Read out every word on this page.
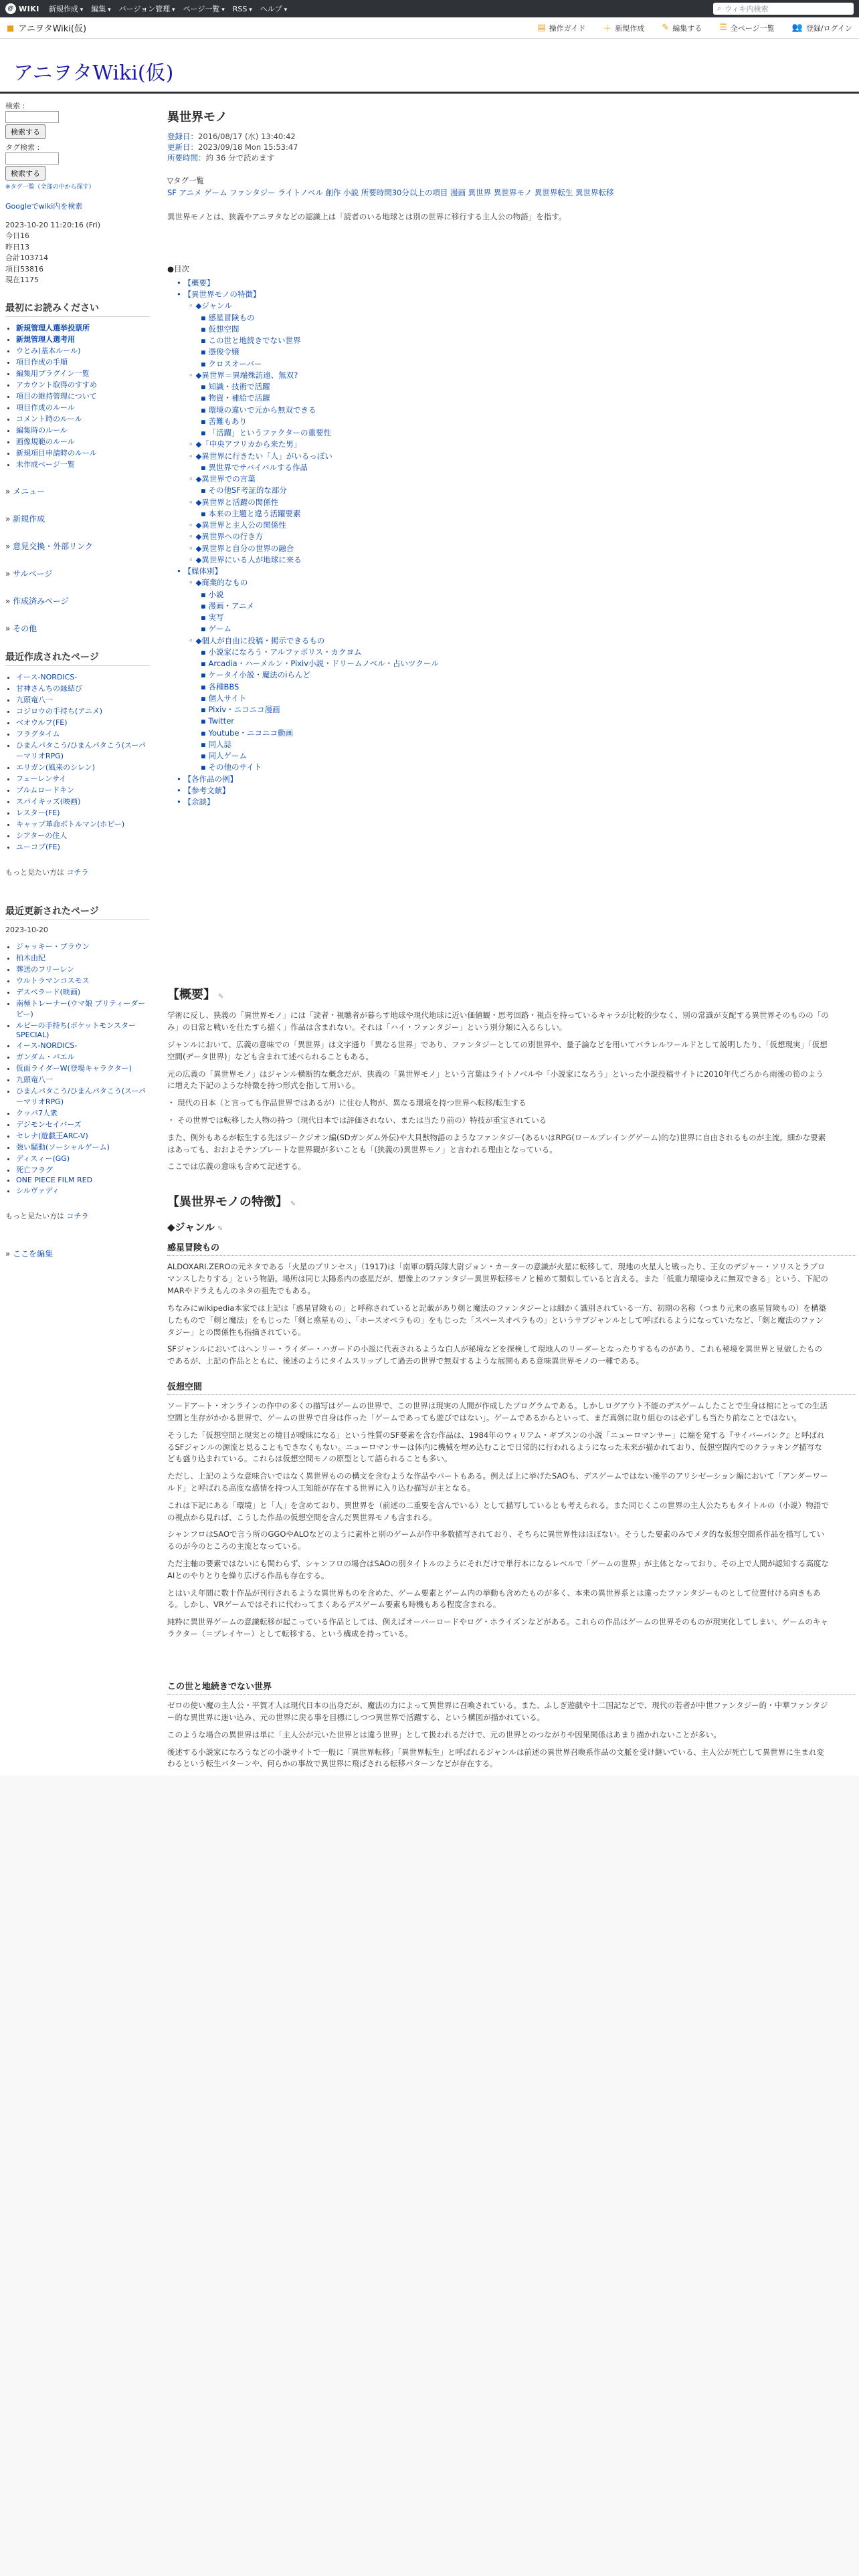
@ WIKI 新規作成 ▾	編集 ▾	バージョン管理 ▾	ページ一覧 ▾	RSS ▾	ヘルプ ▾	⌕ ウィキ内検索
■ アニヲタWiki(仮)	▤ 操作ガイド ＋ 新規作成 ✎ 編集する ☰ 全ページ一覧 👥 登録/ログイン
アニヲタWiki(仮)
検索 :

検索する
タグ検索 :

検索する
※タグ一覧（全部の中から探す）
Googleでwiki内を検索
2023-10-20 11:20:16 (Fri)
今日16
昨日13
合計103714
項目53816
現在1175
最初にお読みください
• 新規管理人選挙投票所
• 新規管理人選考用
• ウとみ(基本ルール)
• 項目作成の手順
• 編集用プラグイン一覧
• アカウント取得のすすめ
• 項目の維持管理について
• 項目作成のルール
• コメント時のルール
• 編集時のルール
• 画像規範のルール
• 新規項目申請時のルール
• 未作成ページ一覧
» メニュー
» 新規作成
» 意見交換・外部リンク
» サルベージ
» 作成済みページ
» その他
最近作成されたページ
• イース-NORDICS-
• 甘神さんちの縁結び
• 九頭竜八一
• コジロウの手持ち(アニメ)
• ベオウルフ(FE)
• フラグタイム
• ひまんパタこう/ひまんパタこう(スーパーマリオRPG)
• エリガン(風来のシレン)
• フェーレンサイ
• ブルムロードキン
• スパイキッズ(映画)
• レスター(FE)
• キャップ革命ボトルマン(ホビー)
• シアターの住人
• ユーコブ(FE)
もっと見たい方は コチラ
最近更新されたページ
2023-10-20
• ジャッキー・ブラウン
• 柏木由紀
• 葬送のフリーレン
• ウルトラマンコスモス
• デスペラード(映画)
• 南極トレーナー(ウマ娘 プリティーダービー)
• ルビーの手持ち(ポケットモンスターSPECIAL)
• イース-NORDICS-
• ガンダム・バエル
• 仮面ライダーW(登場キャラクター)
• 九頭竜八一
• ひまんパタこう/ひまんパタこう(スーパーマリオRPG)
• クッパ7人衆
• デジモンセイバーズ
• セレナ(遊戯王ARC-V)
• 強い騒動(ソーシャルゲーム)
• ディスィー(GG)
• 死亡フラグ
• ONE PIECE FILM RED
• シルヴァディ
もっと見たい方は コチラ
» ここを編集
異世界モノ
登録日：2016/08/17 (水) 13:40:42
更新日：2023/09/18 Mon 15:53:47
所要時間：約 36 分で読めます
▽タグ一覧
SF アニメ ゲーム ファンタジー ライトノベル 創作 小説 所要時間30分以上の項目 漫画 異世界 異世界モノ 異世界転生 異世界転移
異世界モノとは、狭義やアニヲタなどの認識上は「読者のいる地球とは別の世界に移行する主人公の物語」を指す。
●目次
• 【概要】
• 【異世界モノの特徴】
◦ ◆ジャンル
▪ 感星冒険もの
▪ 仮想空間
▪ この世と地続きでない世界
▪ 憑俊令嬢
▪ クロスオーバー
◦ ◆異世界＝異端殊訪遠、無双?
▪ 知識・技術で活躍
▪ 物資・補給で活躍
▪ 環境の違いで元から無双できる
▪ 苦難もあり
▪ 「活躍」というファクターの重要性
◦ ◆「中央アフリカから来た男」
◦ ◆異世界に行きたい「人」がいるっぽい
▪ 異世界でサバイバルする作品
◦ ◆異世界での言葉
▪ その他SF考証的な部分
◦ ◆異世界と活躍の関係性
▪ 本来の主題と違う活躍要素
◦ ◆異世界と主人公の関係性
◦ ◆異世界への行き方
◦ ◆異世界と自分の世界の融合
◦ ◆異世界にいる人が地球に来る
• 【媒体別】
◦ ◆商業的なもの
▪ 小説
▪ 漫画・アニメ
▪ 実写
▪ ゲーム
◦ ◆個人が自由に投稿・掲示できるもの
▪ 小説家になろう・アルファポリス・カクヨム
▪ Arcadia・ハーメルン・Pixiv小説・ドリームノベル・占いツクール
▪ ケータイ小説・魔法のiらんど
▪ 各種BBS
▪ 個人サイト
▪ Pixiv・ニコニコ漫画
▪ Twitter
▪ Youtube・ニコニコ動画
▪ 同人誌
▪ 同人ゲーム
▪ その他のサイト
• 【各作品の例】
• 【参考文献】
• 【余談】
【概要】 ✎
学術に反し、狭義の「異世界モノ」には「読者・視聴者が暮らす地球や現代地球に近い価値観・思考回路・視点を持っているキャラが比較的少なく、別の常識が支配する異世界そのものの「のみ」の日常と戦いを仕たすら描く」作品は含まれない。それは「ハイ・ファンタジー」という別分類に入るらしい。
ジャンルにおいて、広義の意味での「異世界」は文字通り「異なる世界」であり、ファンタジーとしての別世界や、量子論などを用いてパラレルワールドとして説明したり、「仮想現実」「仮想空間(データ世界)」なども含まれて述べられることもある。
元の広義の「異世界モノ」はジャンル横断的な概念だが、狭義の「異世界モノ」という言葉はライトノベルや「小説家になろう」といった小説投稿サイトに2010年代ごろから雨後の筍のように増えた下記のような特徴を持つ形式を指して用いる。
・ 現代の日本（と言っても作品世界ではあるが）に住む人物が、異なる環境を持つ世界へ転移/転生する
・ その世界では転移した人物の持つ（現代日本では評価されない、または当たり前の）特技が重宝されている
また、例外もあるが転生する先はジークジオン編(SDガンダム外伝)や大貝獣物語のようなファンタジー(あるいはRPG(ロールプレイングゲーム)的な)世界に自由されるものが主流。細かな要素はあっても、おおよそテンプレートな世界観が多いことも「(狭義の)異世界モノ」と言われる理由となっている。
ここでは広義の意味も含めて記述する。
【異世界モノの特徴】 ✎
◆ジャンル ✎
感星冒険もの
ALDOXARI.ZEROの元ネタである「火星のプリンセス」（1917)は「南軍の騎兵隊大尉ジョン・カーターの意識が火星に転移して、現地の火星人と戦ったり、王女のデジャー・ソリスとラブロマンスしたりする」という物語。場所は同じ太陽系内の惑星だが、想像上のファンタジー異世界転移モノと極めて類似していると言える。また「低重力環境ゆえに無双できる」という、下記のMARやドラえもんのネタの祖先でもある。
ちなみにwikipedia本家では上記は「惑星冒険もの」と呼称されていると記載があり剣と魔法のファンタジーとは細かく識別されている一方、初期の名称（つまり元来の惑星冒険もの）を構築したもので「剣と魔法」をもじった「剣と惑星もの」、「ホースオペラもの」をもじった「スペースオペラもの」というサブジャンルとして呼ばれるようになっていたなど、「剣と魔法のファンタジー」との関係性も指摘されている。
SFジャンルにおいてはヘンリー・ライダー・ハガードの小説に代表されるような白人が秘境などを探検して現地人のリーダーとなったりするものがあり、これも秘境を異世界と見做したものであるが、上記の作品とともに、後述のようにタイムスリップして過去の世界で無双するような展開もある意味異世界モノの一種である。
仮想空間
ソードアート・オンラインの作中の多くの描写はゲームの世界で、この世界は現実の人間が作成したプログラムである。しかしログアウト不能のデスゲームしたことで生身は棺にとっての生活空間と生存がかかる世界で、ゲームの世界で自身は作った「ゲームであっても遊びではない」。ゲームであるからといって、まだ真剣に取り組むのは必ずしも当たり前なことではない。
そうした「仮想空間と現実との境目が曖昧になる」という性質のSF要素を含む作品は、1984年のウィリアム・ギブスンの小説「ニューロマンサー」に端を発する『サイバーパンク』と呼ばれるSFジャンルの源流と見ることもできなくもない。ニューロマンサーは体内に機械を埋め込むことで日常的に行われるようになった未来が描かれており、仮想空間内でのクラッキング描写なども盛り込まれている。これらは仮想空間モノの原型として語られることも多い。
ただし、上記のような意味合いではなく異世界ものの構文を含むような作品やパートもある。例えば上に挙げたSAOも、デスゲームではない後半のアリシゼーション編において「アンダーワールド」と呼ばれる高度な感情を持つ人工知能が存在する世界に入り込む描写が主となる。
これは下記にある「環境」と「人」を含めており、異世界を（前述の二重要を含んでいる）として描写しているとも考えられる。また同じくこの世界の主人公たちもタイトルの（小説）物語での視点から見れば、こうした作品の仮想空間を含んだ異世界モノも含まれる。
シャンフロはSAOで言う所のGGOやALOなどのように素朴と別のゲームが作中多数描写されており、そちらに異世界性はほぼない。そうした要素のみでメタ的な仮想空間系作品を描写しているのが今のところの主流となっている。
ただ主軸の要素ではないにも関わらず、シャンフロの場合はSAOの別タイトルのようにそれだけで単行本になるレベルで「ゲームの世界」が主体となっており、その上で人間が認知する高度なAIとのやりとりを繰り広げる作品も存在する。
とはいえ年間に数十作品が刊行されるような異世界ものを含めた、ゲーム要素とゲーム内の挙動も含めたものが多く、本来の異世界系とは違ったファンタジーものとして位置付ける向きもある。しかし、VRゲームではそれに代わってまくあるデスゲーム要素も時機もある程度含まれる。
純粋に異世界ゲームの意識転移が起こっている作品としては、例えばオーバーロードやログ・ホライズンなどがある。これらの作品はゲームの世界そのものが現実化してしまい、ゲームのキャラクター（＝プレイヤー）として転移する、という構成を持っている。
この世と地続きでない世界
ゼロの使い魔の主人公・平賀才人は現代日本の出身だが、魔法の力によって異世界に召喚されている。また、ふしぎ遊戯や十二国記などで、現代の若者が中世ファンタジー的・中華ファンタジー的な異世界に迷い込み、元の世界に戻る事を目標にしつつ異世界で活躍する、という構図が描かれている。
このような場合の異世界は単に「主人公が元いた世界とは違う世界」として扱われるだけで、元の世界とのつながりや因果関係はあまり描かれないことが多い。
後述する小説家になろうなどの小説サイトで一般に「異世界転移」「異世界転生」と呼ばれるジャンルは前述の異世界召喚系作品の文脈を受け継いでいる、主人公が死亡して異世界に生まれ変わるという転生パターンや、何らかの事故で異世界に飛ばされる転移パターンなどが存在する。
